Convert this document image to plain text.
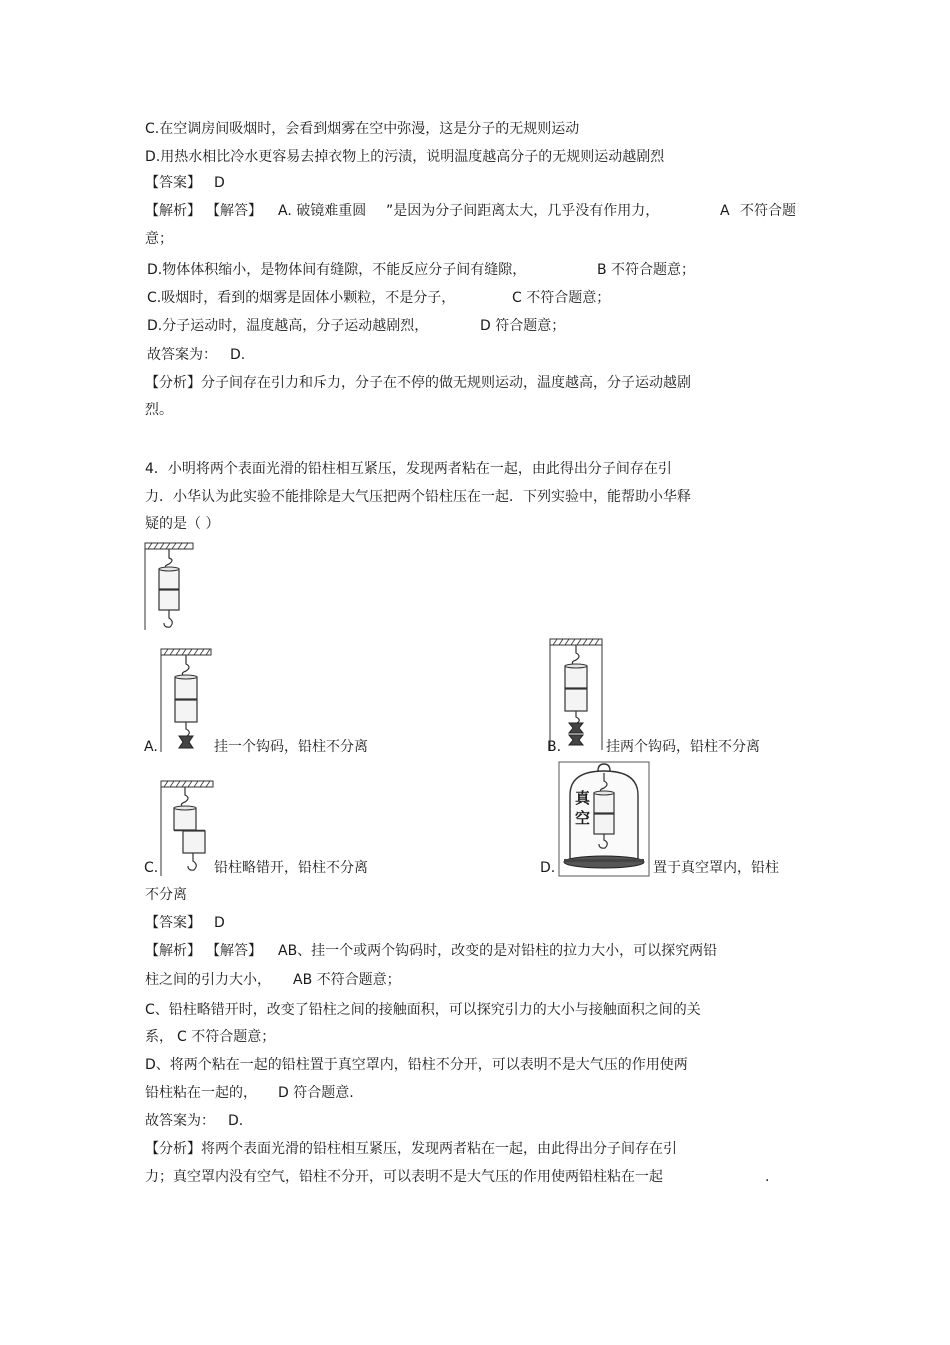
C.在空调房间吸烟时，会看到烟雾在空中弥漫，这是分子的无规则运动
D.用热水相比冷水更容易去掉衣物上的污渍，说明温度越高分子的无规则运动越剧烈
【答案】 D
【解析】 【解答】 A. 破镜难重圆 ”是因为分子间距离太大，几乎没有作用力，	A 不符合题
意；
D.物体体积缩小，是物体间有缝隙，不能反应分子间有缝隙，	B 不符合题意；
C.吸烟时，看到的烟雾是固体小颗粒，不是分子，	C 不符合题意；
D.分子运动时，温度越高，分子运动越剧烈，	D 符合题意；
故答案为： D.
【分析】分子间存在引力和斥力，分子在不停的做无规则运动，温度越高，分子运动越剧
烈。
4．小明将两个表面光滑的铅柱相互紧压，发现两者粘在一起，由此得出分子间存在引
力．小华认为此实验不能排除是大气压把两个铅柱压在一起．下列实验中，能帮助小华释
疑的是（ ）
A.	挂一个钩码，铅柱不分离	B.	挂两个钩码，铅柱不分离
C.	铅柱略错开，铅柱不分离	D.
真
空
置于真空罩内，铅柱
不分离
【答案】 D
【解析】 【解答】 AB、挂一个或两个钩码时，改变的是对铅柱的拉力大小，可以探究两铅
柱之间的引力大小， AB 不符合题意；
C、铅柱略错开时，改变了铅柱之间的接触面积，可以探究引力的大小与接触面积之间的关
系， C 不符合题意；
D、将两个粘在一起的铅柱置于真空罩内，铅柱不分开，可以表明不是大气压的作用使两
铅柱粘在一起的， D 符合题意.
故答案为： D.
【分析】将两个表面光滑的铅柱相互紧压，发现两者粘在一起，由此得出分子间存在引
力；真空罩内没有空气，铅柱不分开，可以表明不是大气压的作用使两铅柱粘在一起	.
